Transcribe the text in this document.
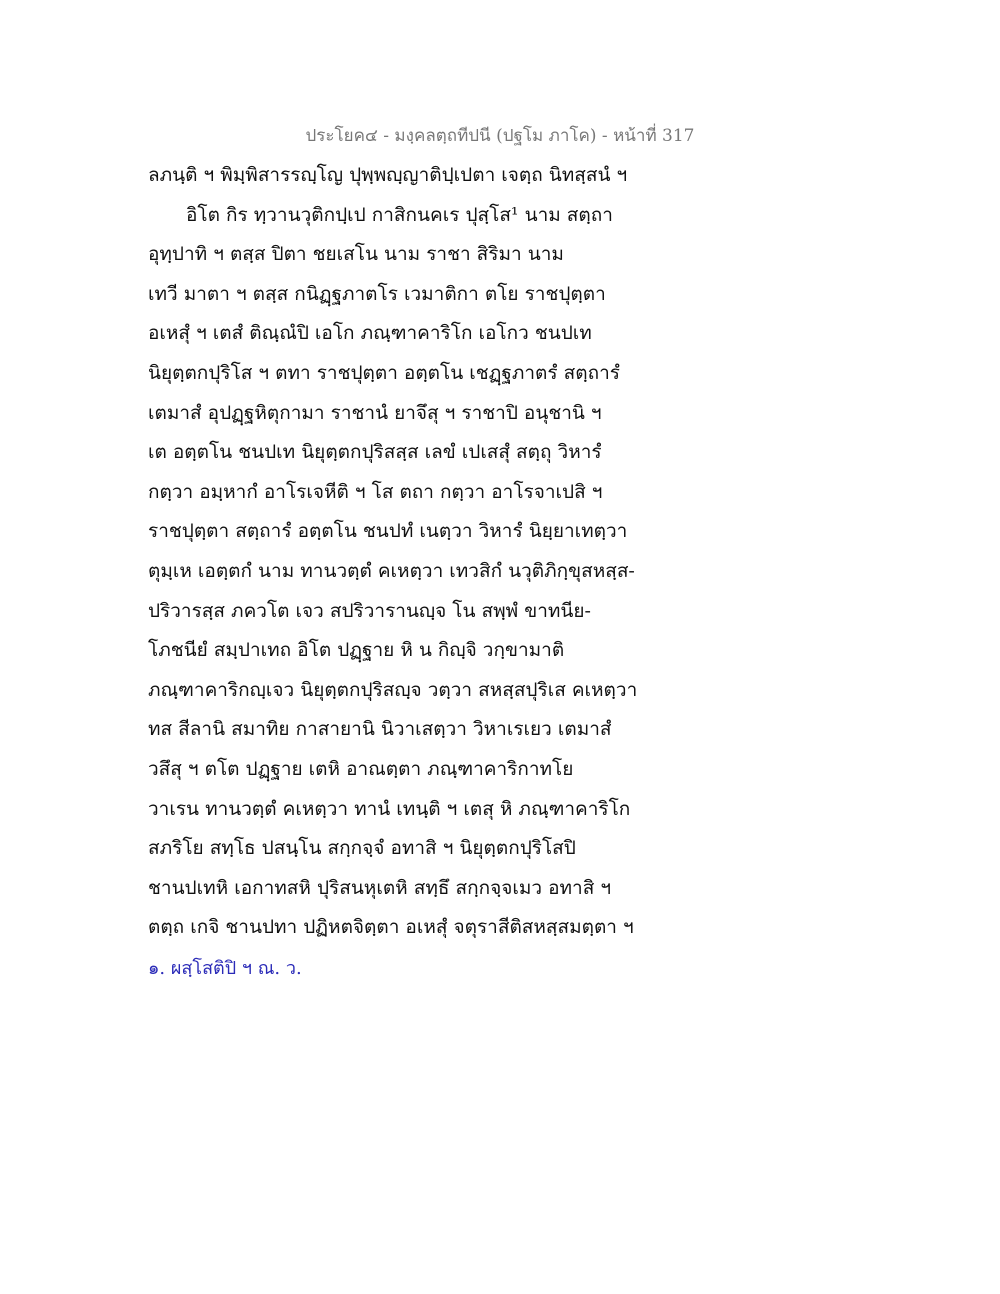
ประโยค๔ - มงฺคลตฺถทีปนี (ปฐโม ภาโค) - หน้าที่ 317
ลภนฺติ ฯ พิมฺพิสารรญฺโญ ปุพฺพญฺญาติปฺเปตา เจตฺถ นิทสฺสนํ ฯ
อิโต กิร ทฺวานวุติกปฺเป กาสิกนคเร ปุสฺโส¹ นาม สตฺถา
อุทฺปาทิ ฯ ตสฺส ปิตา ชยเสโน นาม ราชา สิริมา นาม
เทวี มาตา ฯ ตสฺส กนิฏฺฐภาตโร เวมาติกา ตโย ราชปุตฺตา
อเหสุํ ฯ เตสํ ติณฺณํปิ เอโก ภณฺฑาคาริโก เอโกว ชนปเท
นิยุตฺตกปุริโส ฯ ตทา ราชปุตฺตา อตฺตโน เชฏฺฐภาตรํ สตฺถารํ
เตมาสํ อุปฏฺฐหิตุกามา ราชานํ ยาจึสุ ฯ ราชาปิ อนุชานิ ฯ
เต อตฺตโน ชนปเท นิยุตฺตกปุริสสฺส เลขํ เปเสสุํ สตฺถุ วิหารํ
กตฺวา อมฺหากํ อาโรเจหีติ ฯ โส ตถา กตฺวา อาโรจาเปสิ ฯ
ราชปุตฺตา สตฺถารํ อตฺตโน ชนปทํ เนตฺวา วิหารํ นิยฺยาเทตฺวา
ตุมฺเห เอตฺตกํ นาม ทานวตฺตํ คเหตฺวา เทวสิกํ นวุติภิกฺขุสหสฺส-
ปริวารสฺส ภควโต เจว สปริวารานญฺจ โน สพฺพํ ขาทนีย-
โภชนียํ สมฺปาเทถ อิโต ปฏฺฐาย หิ น กิญฺจิ วกฺขามาติ
ภณฺฑาคาริกญฺเจว นิยุตฺตกปุริสญฺจ วตฺวา สหสฺสปุริเส คเหตฺวา
ทส สีลานิ สมาทิย กาสายานิ นิวาเสตฺวา วิหาเรเยว เตมาสํ
วสึสุ ฯ ตโต ปฏฺฐาย เตหิ อาณตฺตา ภณฺฑาคาริกาทโย
วาเรน ทานวตฺตํ คเหตฺวา ทานํ เทนฺติ ฯ เตสุ หิ ภณฺฑาคาริโก
สภริโย สทฺโธ ปสนฺโน สกฺกจฺจํ อทาสิ ฯ นิยุตฺตกปุริโสปิ
ชานปเทหิ เอกาทสหิ ปุริสนหุเตหิ สทฺธึ สกฺกจฺจเมว อทาสิ ฯ
ตตฺถ เกจิ ชานปทา ปฏิหตจิตฺตา อเหสุํ จตุราสีติสหสฺสมตฺตา ฯ
๑. ผสฺโสติปิ ฯ ณ. ว.
